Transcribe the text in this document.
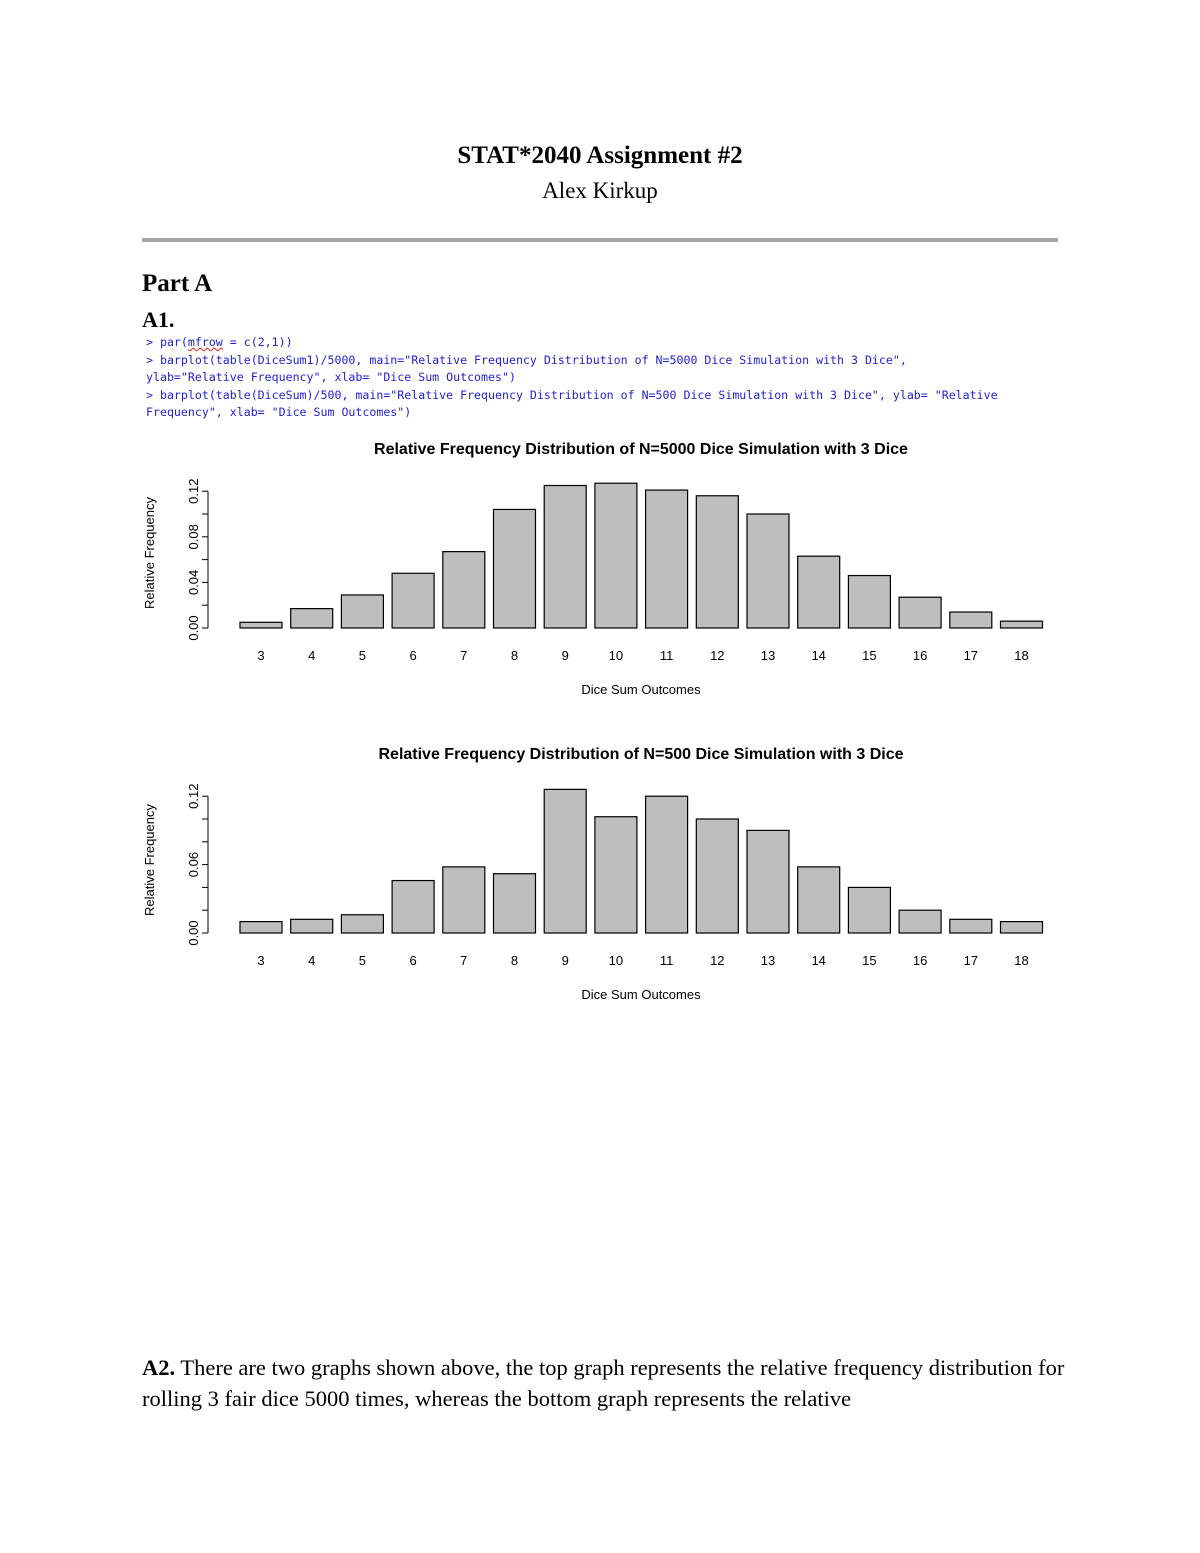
STAT*2040 Assignment #2
Alex Kirkup
Part A
A1.
> par(mfrow = c(2,1))
> barplot(table(DiceSum1)/5000, main="Relative Frequency Distribution of N=5000 Dice Simulation with 3 Dice",
ylab="Relative Frequency", xlab= "Dice Sum Outcomes")
> barplot(table(DiceSum)/500, main="Relative Frequency Distribution of N=500 Dice Simulation with 3 Dice", ylab= "Relative
Frequency", xlab= "Dice Sum Outcomes")
Relative Frequency Distribution of N=5000 Dice Simulation with 3 Dice
Relative Frequency
Dice Sum Outcomes
0.00
0.04
0.08
0.12
3	4	5	6	7	8	9	10	11	12	13	14	15	16	17	18
Relative Frequency Distribution of N=500 Dice Simulation with 3 Dice
Relative Frequency
Dice Sum Outcomes
0.00
0.06
0.12
3	4	5	6	7	8	9	10	11	12	13	14	15	16	17	18
A2. There are two graphs shown above, the top graph represents the relative frequency distribution for rolling 3 fair dice 5000 times, whereas the bottom graph represents the relative
